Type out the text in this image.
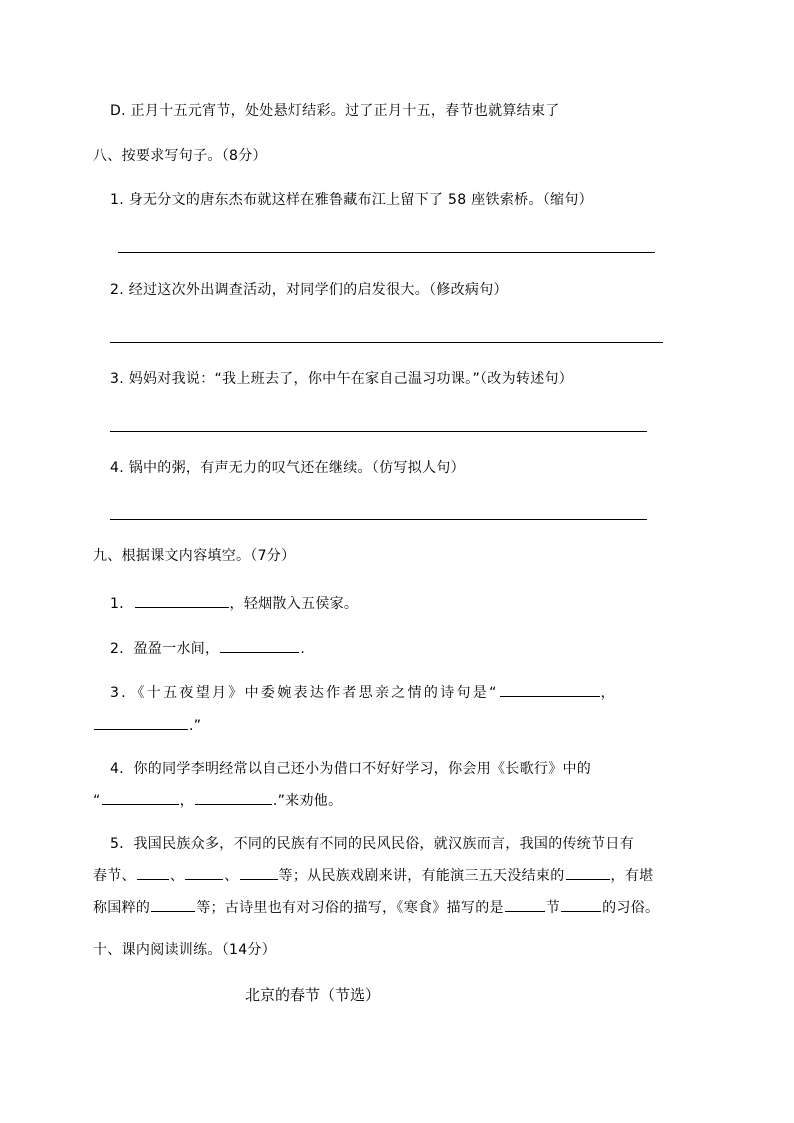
D. 正月十五元宵节，处处悬灯结彩。过了正月十五，春节也就算结束了
八、按要求写句子。（8分）
1. 身无分文的唐东杰布就这样在雅鲁藏布江上留下了 58 座铁索桥。（缩句）
2. 经过这次外出调查活动，对同学们的启发很大。（修改病句）
3. 妈妈对我说：“我上班去了，你中午在家自己温习功课。”（改为转述句）
4. 锅中的粥，有声无力的叹气还在继续。（仿写拟人句）
九、根据课文内容填空。（7分）
1．	，轻烟散入五侯家。
2．盈盈一水间，	.
3．《十五夜望月》中委婉表达作者思亲之情的诗句是“	，
.”
4．你的同学李明经常以自己还小为借口不好好学习，你会用《长歌行》中的
“	，	.”来劝他。
5．我国民族众多，不同的民族有不同的民风民俗，就汉族而言，我国的传统节日有
春节、 、	、	等；从民族戏剧来讲，有能演三五天没结束的	，有堪
称国粹的	等；古诗里也有对习俗的描写，《寒食》描写的是	节	的习俗。
十、课内阅读训练。（14分）
北京的春节（节选）
